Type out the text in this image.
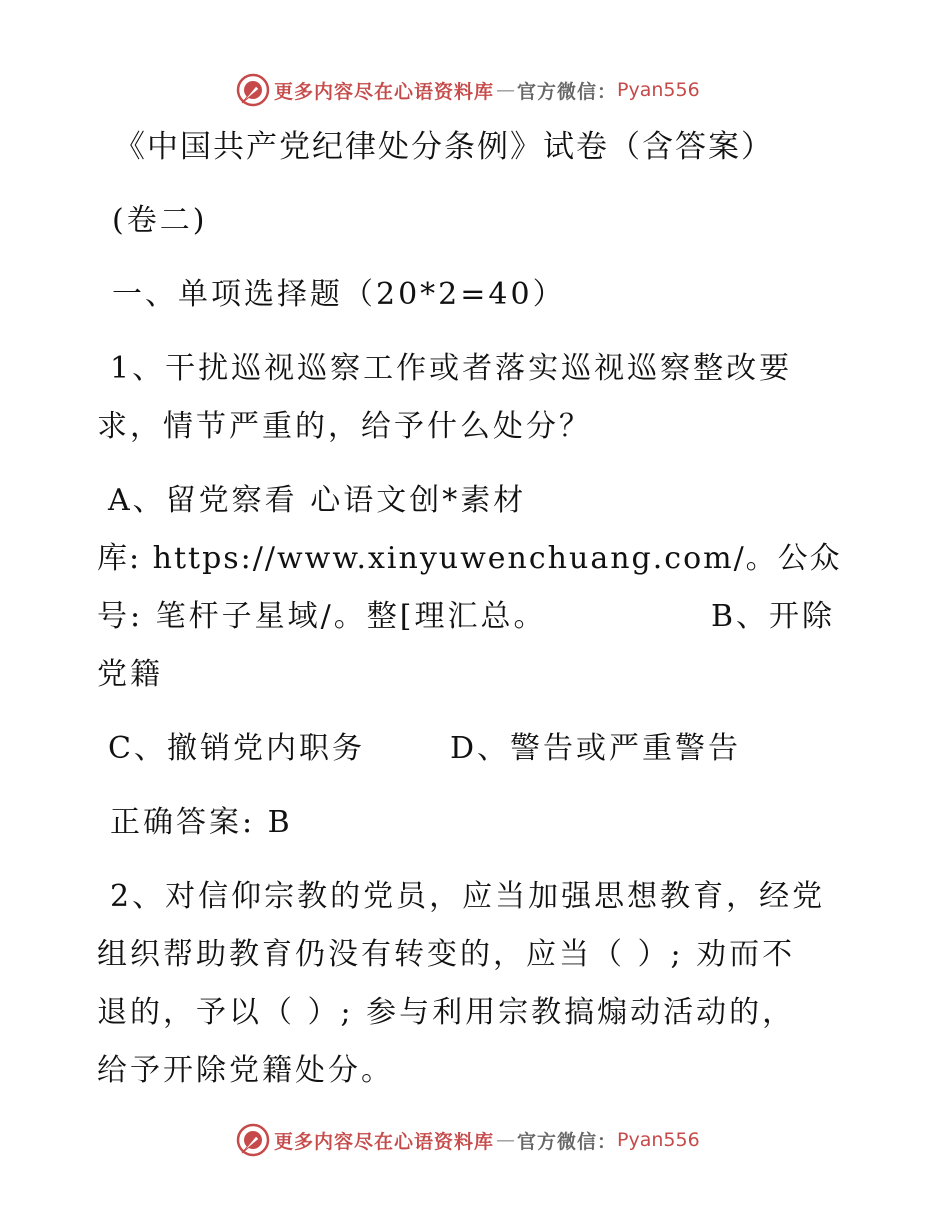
更多内容尽在心语资料库 — 官方微信： Pyan556
《中国共产党纪律处分条例》试卷（含答案）
(卷二)
一、单项选择题（20*2=40）
1、干扰巡视巡察工作或者落实巡视巡察整改要
求，情节严重的，给予什么处分？
A、留党察看 心语文创*素材
库: https://www.xinyuwenchuang.com/。公众
号: 笔杆子星域/。整[理汇总。	B、开除
党籍
C、撤销党内职务	D、警告或严重警告
正确答案: B
2、对信仰宗教的党员，应当加强思想教育，经党
组织帮助教育仍没有转变的，应当（ ）; 劝而不
退的，予以（ ）; 参与利用宗教搞煽动活动的，
给予开除党籍处分。
更多内容尽在心语资料库 — 官方微信： Pyan556
